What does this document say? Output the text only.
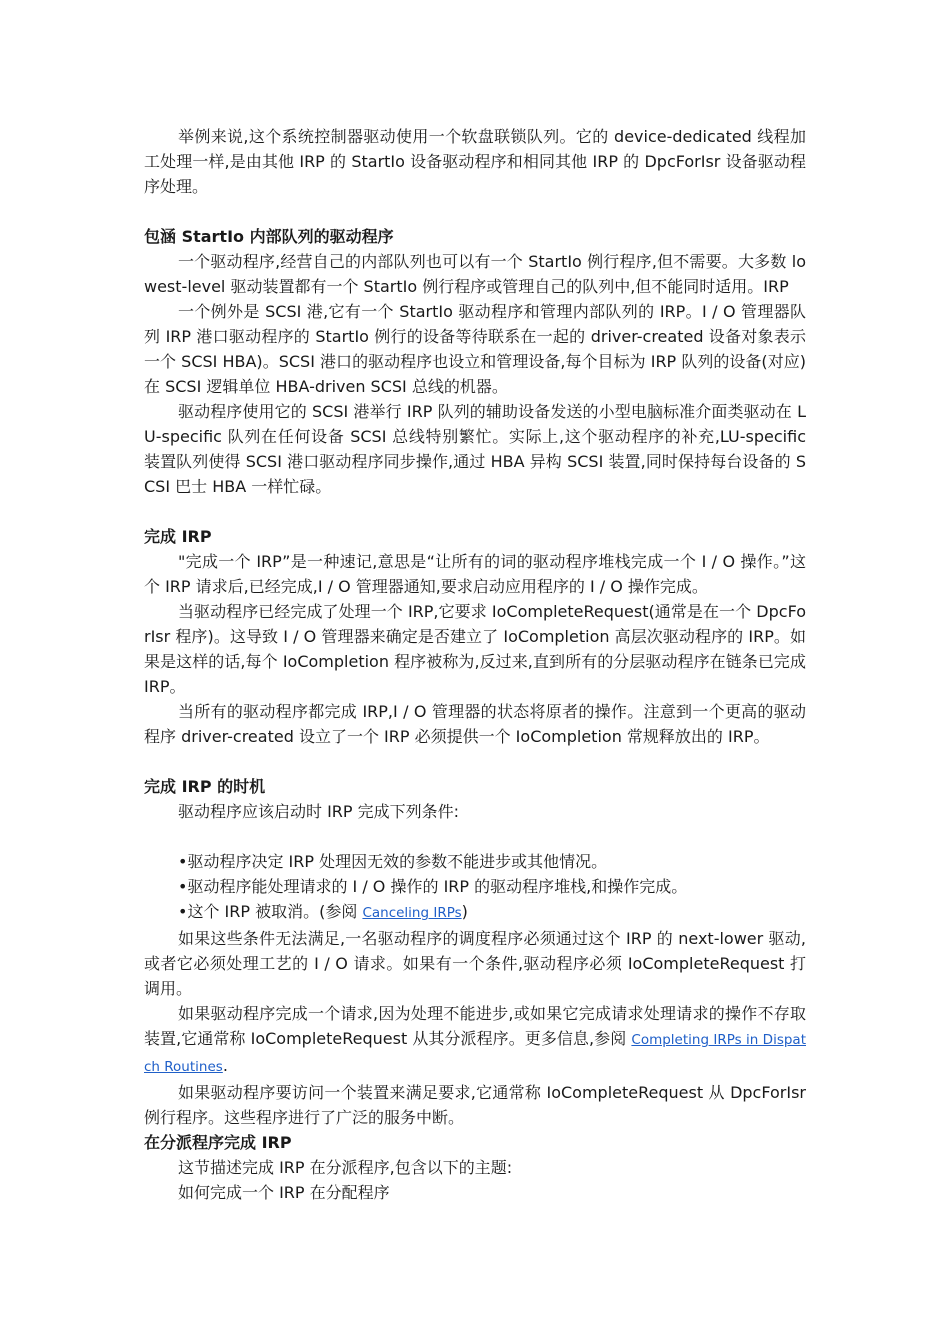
举例来说,这个系统控制器驱动使用一个软盘联锁队列。它的 device-dedicated 线程加工处理一样,是由其他 IRP 的 StartIo 设备驱动程序和相同其他 IRP 的 DpcForIsr 设备驱动程序处理。

包涵 StartIo 内部队列的驱动程序

一个驱动程序,经营自己的内部队列也可以有一个 StartIo 例行程序,但不需要。大多数 lowest-level 驱动装置都有一个 StartIo 例行程序或管理自己的队列中,但不能同时适用。IRP

一个例外是 SCSI 港,它有一个 StartIo 驱动程序和管理内部队列的 IRP。I / O 管理器队列 IRP 港口驱动程序的 StartIo 例行的设备等待联系在一起的 driver-created 设备对象表示一个 SCSI HBA)。SCSI 港口的驱动程序也设立和管理设备,每个目标为 IRP 队列的设备(对应)在 SCSI 逻辑单位 HBA-driven SCSI 总线的机器。

驱动程序使用它的 SCSI 港举行 IRP 队列的辅助设备发送的小型电脑标准介面类驱动在 LU-specific 队列在任何设备 SCSI 总线特别繁忙。实际上,这个驱动程序的补充,LU-specific 装置队列使得 SCSI 港口驱动程序同步操作,通过 HBA 异构 SCSI 装置,同时保持每台设备的 SCSI 巴士 HBA 一样忙碌。

完成 IRP

"完成一个 IRP”是一种速记,意思是“让所有的词的驱动程序堆栈完成一个 I / O 操作。”这个 IRP 请求后,已经完成,I / O 管理器通知,要求启动应用程序的 I / O 操作完成。

当驱动程序已经完成了处理一个 IRP,它要求 IoCompleteRequest(通常是在一个 DpcForIsr 程序)。这导致 I / O 管理器来确定是否建立了 IoCompletion 高层次驱动程序的 IRP。如果是这样的话,每个 IoCompletion 程序被称为,反过来,直到所有的分层驱动程序在链条已完成 IRP。

当所有的驱动程序都完成 IRP,I / O 管理器的状态将原者的操作。注意到一个更高的驱动程序 driver-created 设立了一个 IRP 必须提供一个 IoCompletion 常规释放出的 IRP。

完成 IRP 的时机

驱动程序应该启动时 IRP 完成下列条件:

•驱动程序决定 IRP 处理因无效的参数不能进步或其他情况。

•驱动程序能处理请求的 I / O 操作的 IRP 的驱动程序堆栈,和操作完成。

•这个 IRP 被取消。(参阅 Canceling IRPs)

如果这些条件无法满足,一名驱动程序的调度程序必须通过这个 IRP 的 next-lower 驱动,或者它必须处理工艺的 I / O 请求。如果有一个条件,驱动程序必须 IoCompleteRequest 打调用。

如果驱动程序完成一个请求,因为处理不能进步,或如果它完成请求处理请求的操作不存取装置,它通常称 IoCompleteRequest 从其分派程序。更多信息,参阅 Completing IRPs in Dispatch Routines.

如果驱动程序要访问一个装置来满足要求,它通常称 IoCompleteRequest 从 DpcForIsr 例行程序。这些程序进行了广泛的服务中断。

在分派程序完成 IRP

这节描述完成 IRP 在分派程序,包含以下的主题:

如何完成一个 IRP 在分配程序
